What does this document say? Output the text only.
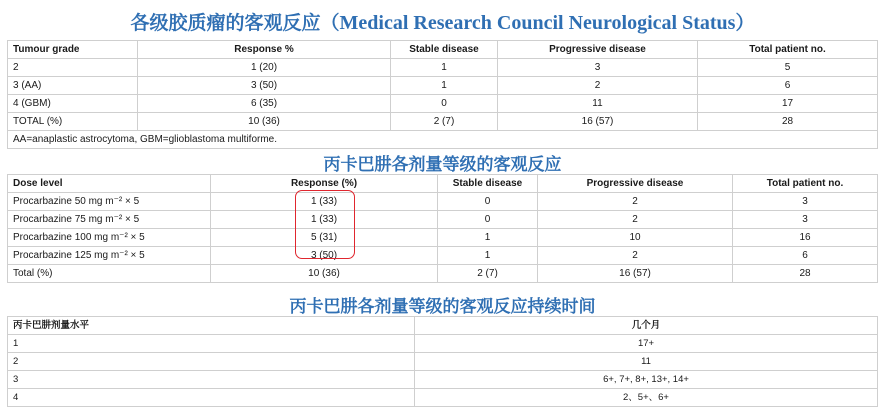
各级胶质瘤的客观反应（Medical Research Council Neurological Status）
Tumour grade	Response %	Stable disease	Progressive disease	Total patient no.
2	1 (20)	1	3	5
3 (AA)	3 (50)	1	2	6
4 (GBM)	6 (35)	0	11	17
TOTAL (%)	10 (36)	2 (7)	16 (57)	28
AA=anaplastic astrocytoma, GBM=glioblastoma multiforme.				
丙卡巴肼各剂量等级的客观反应
Dose level	Response (%)	Stable disease	Progressive disease	Total patient no.
Procarbazine 50 mg m⁻² × 5	1 (33)	0	2	3
Procarbazine 75 mg m⁻² × 5	1 (33)	0	2	3
Procarbazine 100 mg m⁻² × 5	5 (31)	1	10	16
Procarbazine 125 mg m⁻² × 5	3 (50)	1	2	6
Total (%)	10 (36)	2 (7)	16 (57)	28
丙卡巴肼各剂量等级的客观反应持续时间
丙卡巴肼剂量水平	几个月
1	17+
2	11
3	6+, 7+, 8+, 13+, 14+
4	2、5+、6+
